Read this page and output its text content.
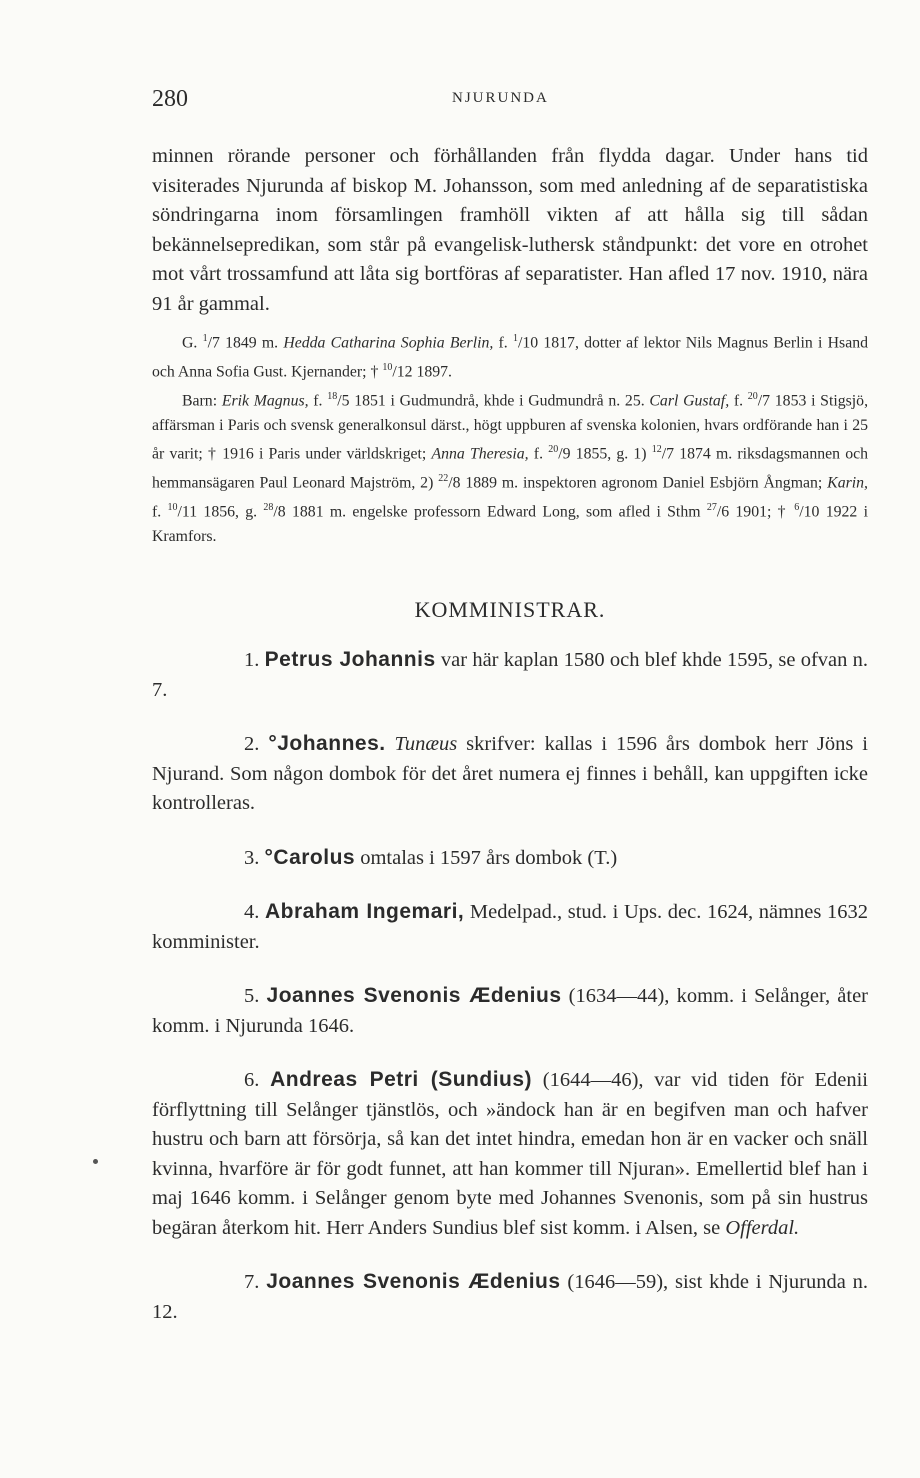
280	NJURUNDA

minnen rörande personer och förhållanden från flydda dagar. Under hans tid visiterades Njurunda af biskop M. Johansson, som med anledning af de separatistiska söndringarna inom församlingen framhöll vikten af att hålla sig till sådan bekännelsepredikan, som står på evangelisk-luthersk ståndpunkt: det vore en otrohet mot vårt trossamfund att låta sig bortföras af separatister. Han afled 17 nov. 1910, nära 91 år gammal.

G. $^1$/7 1849 m. Hedda Catharina Sophia Berlin, f. $^1$/10 1817, dotter af lektor Nils Magnus Berlin i Hsand och Anna Sofia Gust. Kjernander; † $^{10}$/12 1897.

Barn: Erik Magnus, f. $^{18}$/5 1851 i Gudmundrå, khde i Gudmundrå n. 25. Carl Gustaf, f. $^{20}$/7 1853 i Stigsjö, affärsman i Paris och svensk generalkonsul därst., högt uppburen af svenska kolonien, hvars ordförande han i 25 år varit; † 1916 i Paris under världskriget; Anna Theresia, f. $^{20}$/9 1855, g. 1) $^{12}$/7 1874 m. riksdagsmannen och hemmansägaren Paul Leonard Majström, 2) $^{22}$/8 1889 m. inspektoren agronom Daniel Esbjörn Ångman; Karin, f. $^{10}$/11 1856, g. $^{28}$/8 1881 m. engelske professorn Edward Long, som afled i Sthm $^{27}$/6 1901; † $^6$/10 1922 i Kramfors.

KOMMINISTRAR.

1. Petrus Johannis var här kaplan 1580 och blef khde 1595, se ofvan n. 7.

2. °Johannes. Tunæus skrifver: kallas i 1596 års dombok herr Jöns i Njurand. Som någon dombok för det året numera ej finnes i behåll, kan uppgiften icke kontrolleras.

3. °Carolus omtalas i 1597 års dombok (T.)

4. Abraham Ingemari, Medelpad., stud. i Ups. dec. 1624, nämnes 1632 komminister.

5. Joannes Svenonis Ædenius (1634—44), komm. i Selånger, åter komm. i Njurunda 1646.

6. Andreas Petri (Sundius) (1644—46), var vid tiden för Edenii förflyttning till Selånger tjänstlös, och »ändock han är en begifven man och hafver hustru och barn att försörja, så kan det intet hindra, emedan hon är en vacker och snäll kvinna, hvarföre är för godt funnet, att han kommer till Njuran». Emellertid blef han i maj 1646 komm. i Selånger genom byte med Johannes Svenonis, som på sin hustrus begäran återkom hit. Herr Anders Sundius blef sist komm. i Alsen, se Offerdal.

7. Joannes Svenonis Ædenius (1646—59), sist khde i Njurunda n. 12.
